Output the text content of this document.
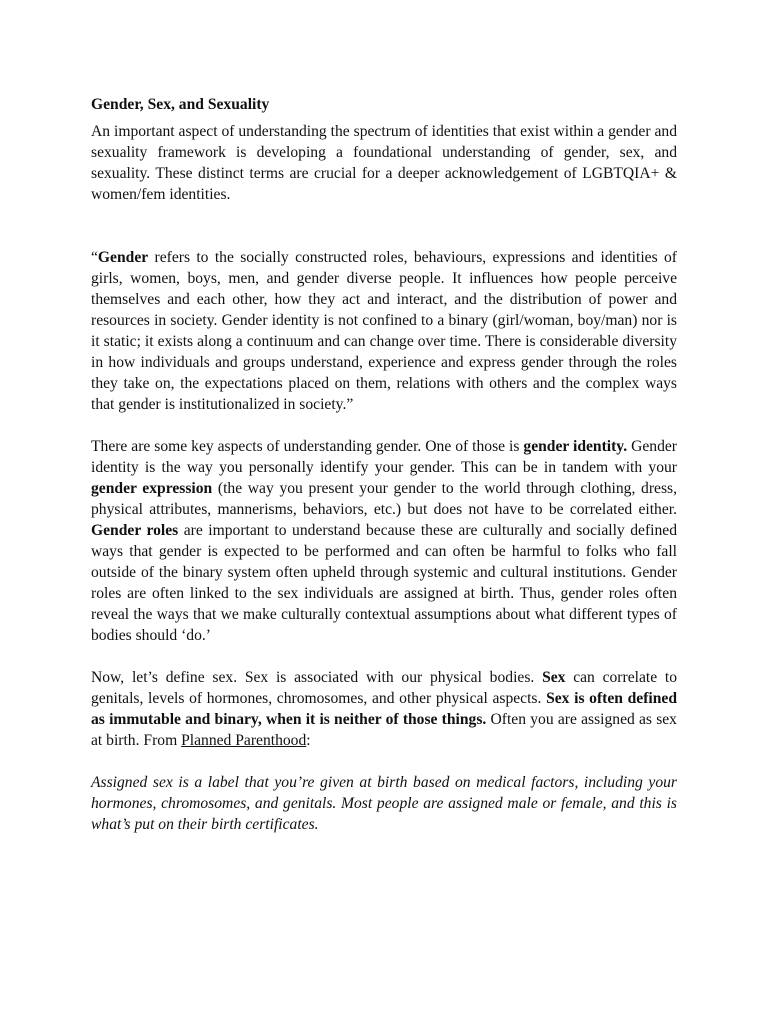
Gender, Sex, and Sexuality

An important aspect of understanding the spectrum of identities that exist within a gender and sexuality framework is developing a foundational understanding of gender, sex, and sexuality. These distinct terms are crucial for a deeper acknowledgement of LGBTQIA+ & women/fem identities.

“Gender refers to the socially constructed roles, behaviours, expressions and identities of girls, women, boys, men, and gender diverse people. It influences how people perceive themselves and each other, how they act and interact, and the distribution of power and resources in society. Gender identity is not confined to a binary (girl/woman, boy/man) nor is it static; it exists along a continuum and can change over time. There is considerable diversity in how individuals and groups understand, experience and express gender through the roles they take on, the expectations placed on them, relations with others and the complex ways that gender is institutionalized in society.”

There are some key aspects of understanding gender. One of those is gender identity. Gender identity is the way you personally identify your gender. This can be in tandem with your gender expression (the way you present your gender to the world through clothing, dress, physical attributes, mannerisms, behaviors, etc.) but does not have to be correlated either. Gender roles are important to understand because these are culturally and socially defined ways that gender is expected to be performed and can often be harmful to folks who fall outside of the binary system often upheld through systemic and cultural institutions. Gender roles are often linked to the sex individuals are assigned at birth. Thus, gender roles often reveal the ways that we make culturally contextual assumptions about what different types of bodies should ‘do.’

Now, let’s define sex. Sex is associated with our physical bodies. Sex can correlate to genitals, levels of hormones, chromosomes, and other physical aspects. Sex is often defined as immutable and binary, when it is neither of those things. Often you are assigned as sex at birth. From Planned Parenthood:

Assigned sex is a label that you’re given at birth based on medical factors, including your hormones, chromosomes, and genitals. Most people are assigned male or female, and this is what’s put on their birth certificates.
